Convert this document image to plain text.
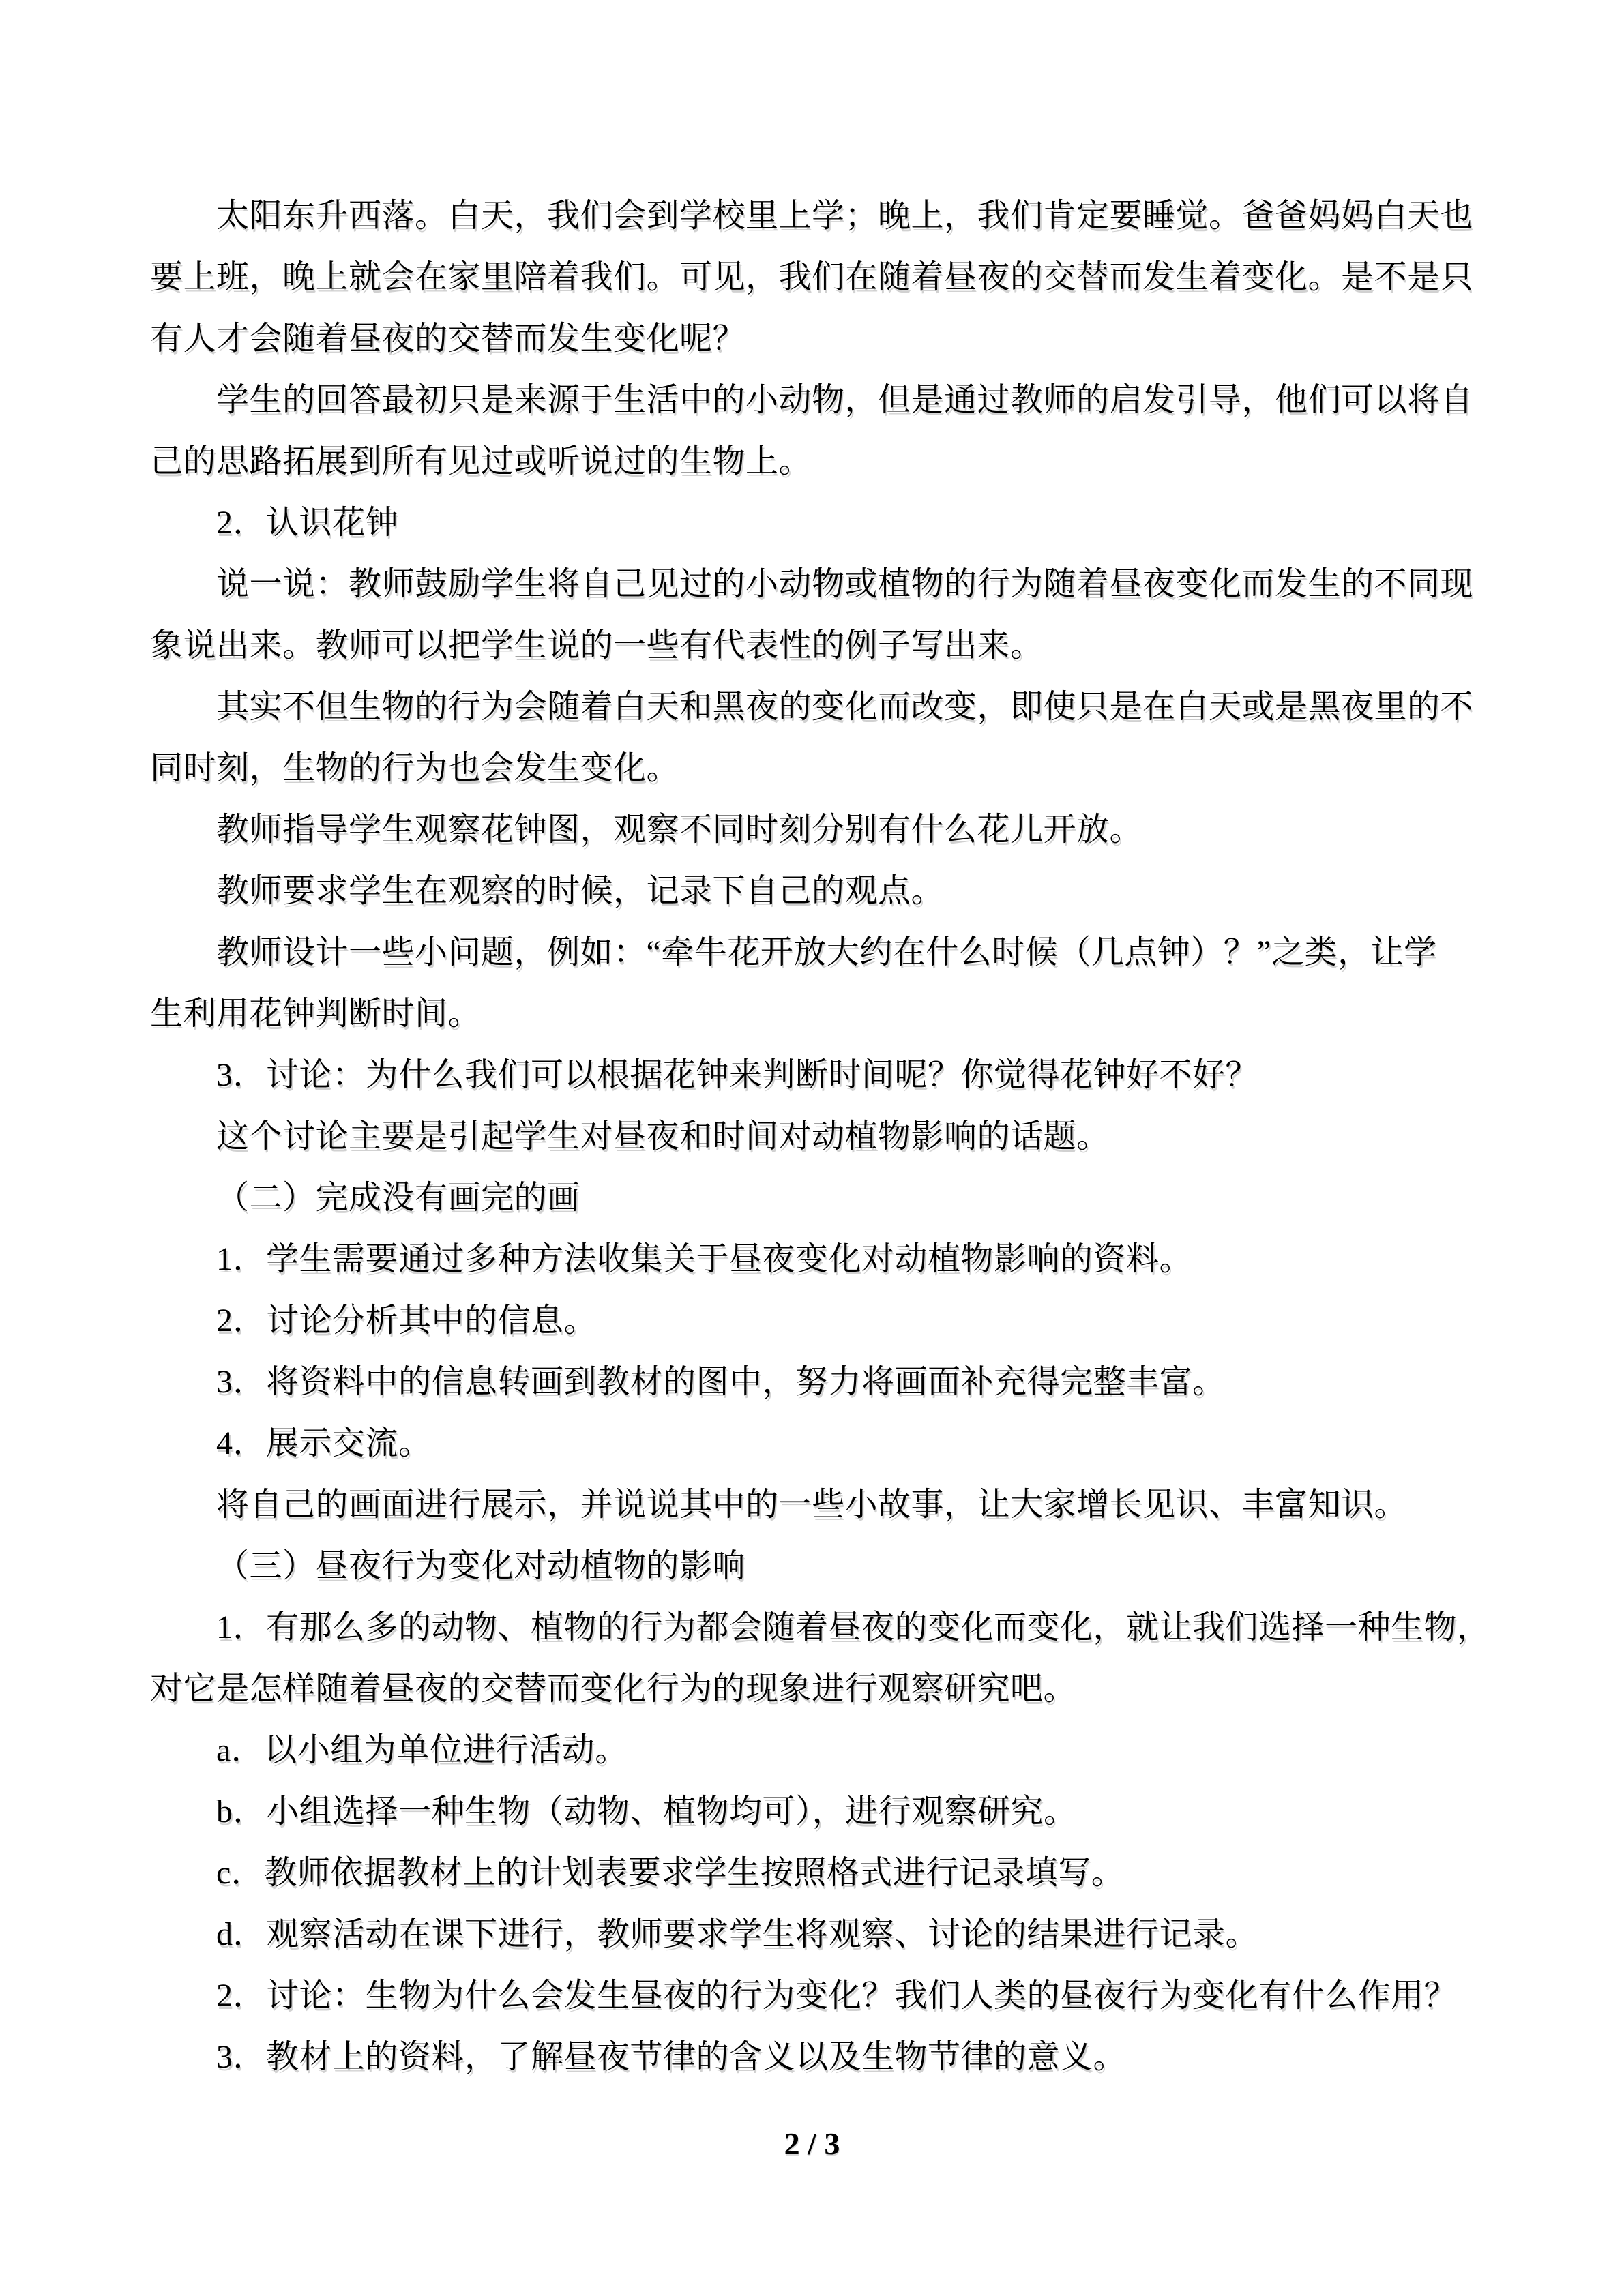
太阳东升西落。白天，我们会到学校里上学；晚上，我们肯定要睡觉。爸爸妈妈白天也
要上班，晚上就会在家里陪着我们。可见，我们在随着昼夜的交替而发生着变化。是不是只
有人才会随着昼夜的交替而发生变化呢？
学生的回答最初只是来源于生活中的小动物，但是通过教师的启发引导，他们可以将自
己的思路拓展到所有见过或听说过的生物上。
2．认识花钟
说一说：教师鼓励学生将自己见过的小动物或植物的行为随着昼夜变化而发生的不同现
象说出来。教师可以把学生说的一些有代表性的例子写出来。
其实不但生物的行为会随着白天和黑夜的变化而改变，即使只是在白天或是黑夜里的不
同时刻，生物的行为也会发生变化。
教师指导学生观察花钟图，观察不同时刻分别有什么花儿开放。
教师要求学生在观察的时候，记录下自己的观点。
教师设计一些小问题，例如：“牵牛花开放大约在什么时候（几点钟）？”之类，让学
生利用花钟判断时间。
3．讨论：为什么我们可以根据花钟来判断时间呢？你觉得花钟好不好？
这个讨论主要是引起学生对昼夜和时间对动植物影响的话题。
（二）完成没有画完的画
1．学生需要通过多种方法收集关于昼夜变化对动植物影响的资料。
2．讨论分析其中的信息。
3．将资料中的信息转画到教材的图中，努力将画面补充得完整丰富。
4．展示交流。
将自己的画面进行展示，并说说其中的一些小故事，让大家增长见识、丰富知识。
（三）昼夜行为变化对动植物的影响
1．有那么多的动物、植物的行为都会随着昼夜的变化而变化，就让我们选择一种生物，
对它是怎样随着昼夜的交替而变化行为的现象进行观察研究吧。
a．以小组为单位进行活动。
b．小组选择一种生物（动物、植物均可），进行观察研究。
c．教师依据教材上的计划表要求学生按照格式进行记录填写。
d．观察活动在课下进行，教师要求学生将观察、讨论的结果进行记录。
2．讨论：生物为什么会发生昼夜的行为变化？我们人类的昼夜行为变化有什么作用？
3．教材上的资料，了解昼夜节律的含义以及生物节律的意义。
2 / 3
